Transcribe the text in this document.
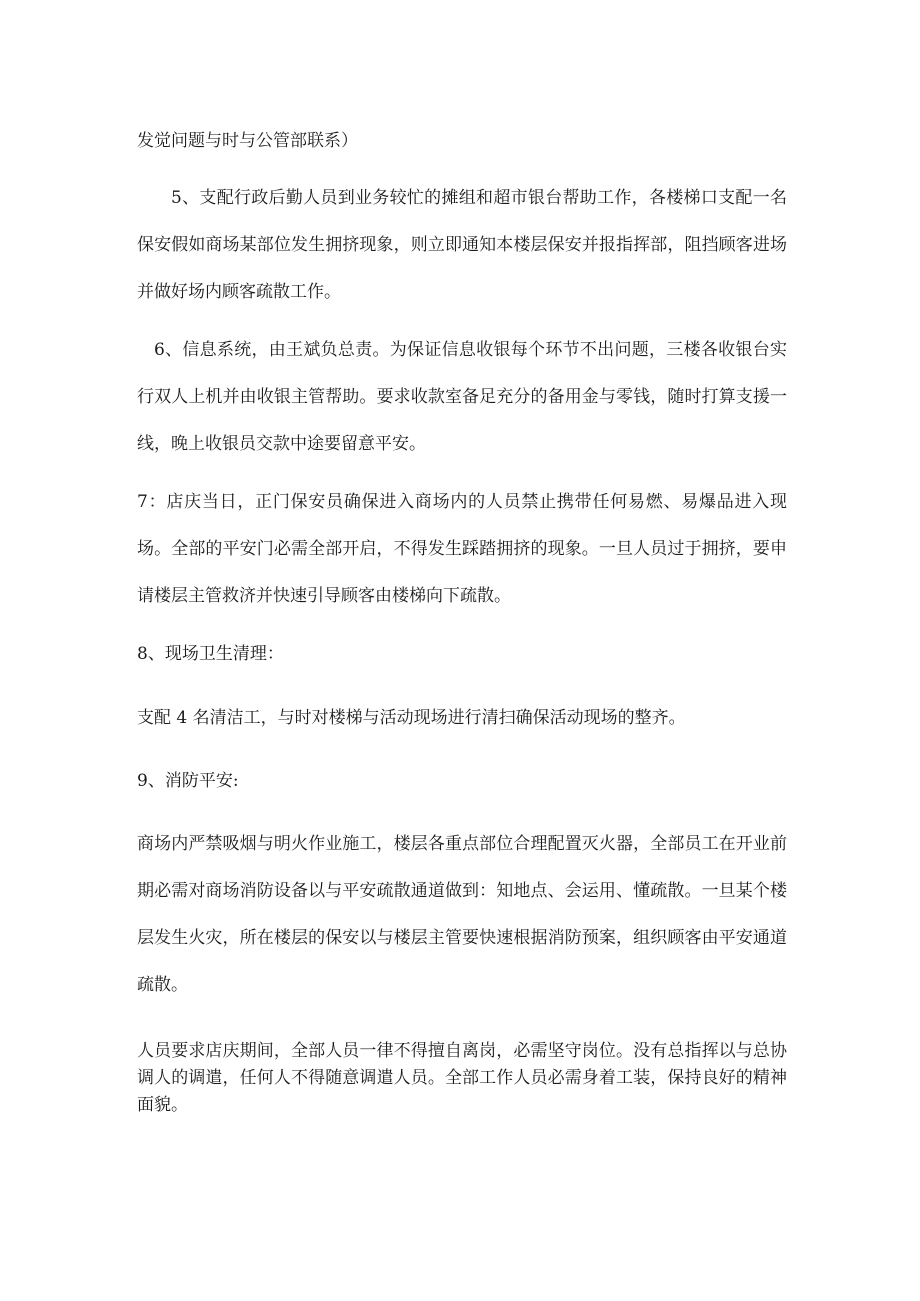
发觉问题与时与公管部联系）

5、支配行政后勤人员到业务较忙的摊组和超市银台帮助工作，各楼梯口支配一名保安假如商场某部位发生拥挤现象，则立即通知本楼层保安并报指挥部，阻挡顾客进场并做好场内顾客疏散工作。

6、信息系统，由王斌负总责。为保证信息收银每个环节不出问题，三楼各收银台实行双人上机并由收银主管帮助。要求收款室备足充分的备用金与零钱，随时打算支援一线，晚上收银员交款中途要留意平安。

7：店庆当日，正门保安员确保进入商场内的人员禁止携带任何易燃、易爆品进入现场。全部的平安门必需全部开启，不得发生踩踏拥挤的现象。一旦人员过于拥挤，要申请楼层主管救济并快速引导顾客由楼梯向下疏散。

8、现场卫生清理：

支配 4 名清洁工，与时对楼梯与活动现场进行清扫确保活动现场的整齐。

9、消防平安:

商场内严禁吸烟与明火作业施工，楼层各重点部位合理配置灭火器，全部员工在开业前期必需对商场消防设备以与平安疏散通道做到：知地点、会运用、懂疏散。一旦某个楼层发生火灾，所在楼层的保安以与楼层主管要快速根据消防预案，组织顾客由平安通道疏散。

人员要求店庆期间，全部人员一律不得擅自离岗，必需坚守岗位。没有总指挥以与总协调人的调遣，任何人不得随意调遣人员。全部工作人员必需身着工装，保持良好的精神面貌。
